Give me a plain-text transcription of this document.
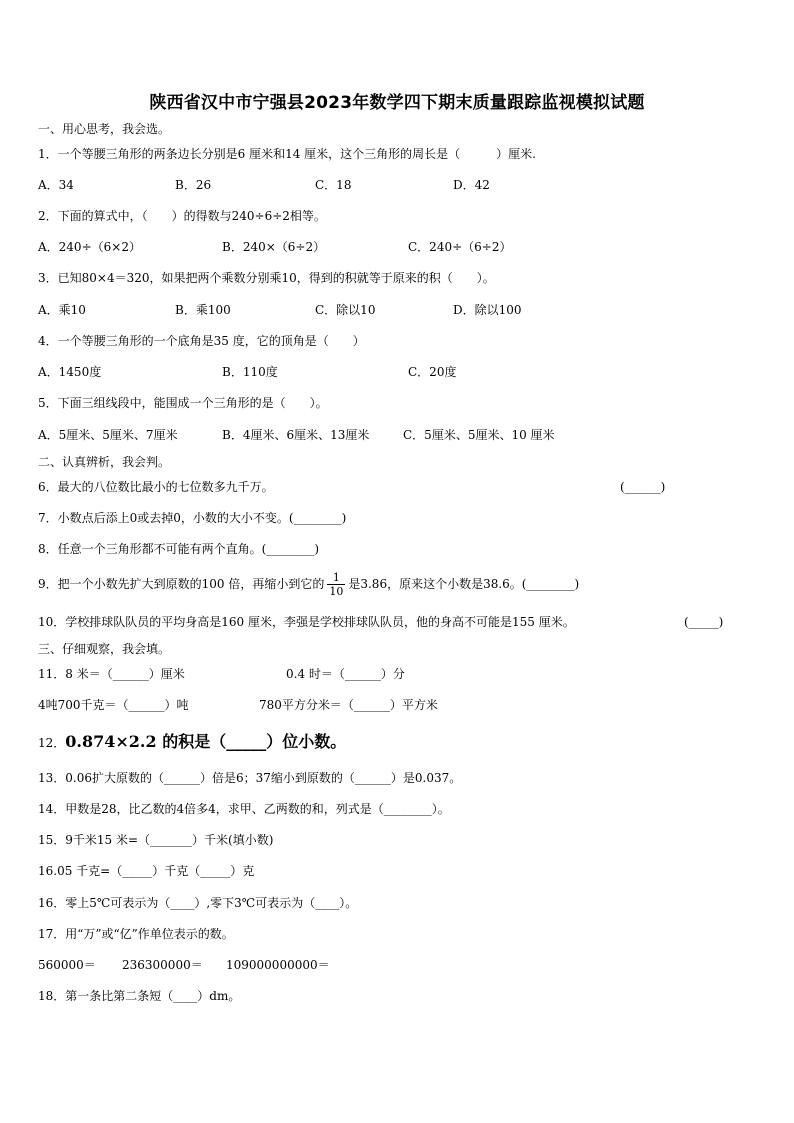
陕西省汉中市宁强县2023年数学四下期末质量跟踪监视模拟试题
一、用心思考，我会选。
1．一个等腰三角形的两条边长分别是6 厘米和14 厘米，这个三角形的周长是（　　　）厘米.
A．34	B．26	C．18	D．42
2．下面的算式中，（　　）的得数与240÷6÷2相等。
A．240÷（6×2）	B．240×（6÷2）	C．240÷（6÷2）
3．已知80×4＝320，如果把两个乘数分别乘10，得到的积就等于原来的积（　　）。
A．乘10	B．乘100	C．除以10	D．除以100
4．一个等腰三角形的一个底角是35 度，它的顶角是（　　）
A．1450度	B．110度	C．20度
5．下面三组线段中，能围成一个三角形的是（　　）。
A．5厘米、5厘米、7厘米	B．4厘米、6厘米、13厘米	C．5厘米、5厘米、10 厘米
二、认真辨析，我会判。
6．最大的八位数比最小的七位数多九千万。	(______)
7．小数点后添上0或去掉0，小数的大小不变。(________)
8．任意一个三角形都不可能有两个直角。(________)
9．把一个小数先扩大到原数的100 倍，再缩小到它的 $\frac{1}{10}$ 是3.86，原来这个小数是38.6。(________)
10．学校排球队队员的平均身高是160 厘米，李强是学校排球队队员，他的身高不可能是155 厘米。	(_____)
三、仔细观察，我会填。
11．8 米＝（______）厘米	0.4 时＝（______）分
4吨700千克＝（______）吨	780平方分米＝（______）平方米
12．0.874×2.2 的积是（_____）位小数。
13．0.06扩大原数的（______）倍是6；37缩小到原数的（______）是0.037。
14．甲数是28，比乙数的4倍多4，求甲、乙两数的和，列式是（________）。
15．9千米15 米=（_______）千米(填小数)
16.05 千克=（_____）千克（_____）克
16．零上5℃可表示为（____）,零下3℃可表示为（____）。
17．用“万”或“亿”作单位表示的数。
560000＝ 236300000＝ 109000000000＝
18．第一条比第二条短（____）dm。
